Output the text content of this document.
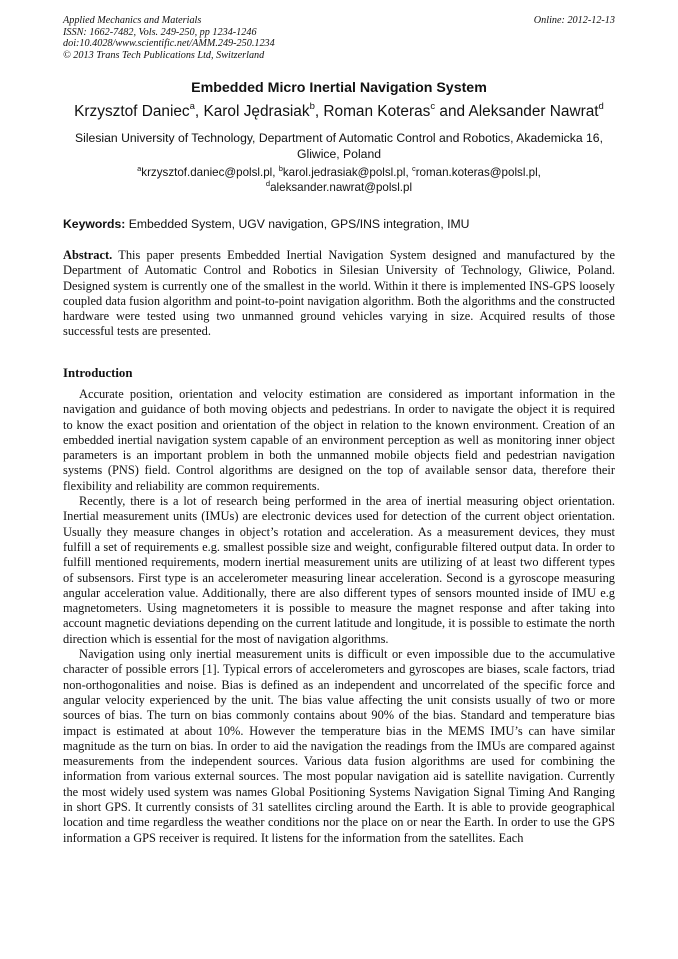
Applied Mechanics and Materials
ISSN: 1662-7482, Vols. 249-250, pp 1234-1246
doi:10.4028/www.scientific.net/AMM.249-250.1234
© 2013 Trans Tech Publications Ltd, Switzerland
Online: 2012-12-13
Embedded Micro Inertial Navigation System
Krzysztof Daniec$^a$, Karol Jędrasiak$^b$, Roman Koteras$^c$ and Aleksander Nawrat$^d$
Silesian University of Technology, Department of Automatic Control and Robotics, Akademicka 16, Gliwice, Poland
$^a$krzysztof.daniec@polsl.pl, $^b$karol.jedrasiak@polsl.pl, $^c$roman.koteras@polsl.pl,
$^d$aleksander.nawrat@polsl.pl
Keywords: Embedded System, UGV navigation, GPS/INS integration, IMU
Abstract. This paper presents Embedded Inertial Navigation System designed and manufactured by the Department of Automatic Control and Robotics in Silesian University of Technology, Gliwice, Poland. Designed system is currently one of the smallest in the world. Within it there is implemented INS-GPS loosely coupled data fusion algorithm and point-to-point navigation algorithm. Both the algorithms and the constructed hardware were tested using two unmanned ground vehicles varying in size. Acquired results of those successful tests are presented.
Introduction

Accurate position, orientation and velocity estimation are considered as important information in the navigation and guidance of both moving objects and pedestrians. In order to navigate the object it is required to know the exact position and orientation of the object in relation to the known environment. Creation of an embedded inertial navigation system capable of an environment perception as well as monitoring inner object parameters is an important problem in both the unmanned mobile objects field and pedestrian navigation systems (PNS) field. Control algorithms are designed on the top of available sensor data, therefore their flexibility and reliability are common requirements.

Recently, there is a lot of research being performed in the area of inertial measuring object orientation. Inertial measurement units (IMUs) are electronic devices used for detection of the current object orientation. Usually they measure changes in object’s rotation and acceleration. As a measurement devices, they must fulfill a set of requirements e.g. smallest possible size and weight, configurable filtered output data. In order to fulfill mentioned requirements, modern inertial measurement units are utilizing of at least two different types of subsensors. First type is an accelerometer measuring linear acceleration. Second is a gyroscope measuring angular acceleration value. Additionally, there are also different types of sensors mounted inside of IMU e.g magnetometers. Using magnetometers it is possible to measure the magnet response and after taking into account magnetic deviations depending on the current latitude and longitude, it is possible to estimate the north direction which is essential for the most of navigation algorithms.

Navigation using only inertial measurement units is difficult or even impossible due to the accumulative character of possible errors [1]. Typical errors of accelerometers and gyroscopes are biases, scale factors, triad non-orthogonalities and noise. Bias is defined as an independent and uncorrelated of the specific force and angular velocity experienced by the unit. The bias value affecting the unit consists usually of two or more sources of bias. The turn on bias commonly contains about 90% of the bias. Standard and temperature bias impact is estimated at about 10%. However the temperature bias in the MEMS IMU’s can have similar magnitude as the turn on bias. In order to aid the navigation the readings from the IMUs are compared against measurements from the independent sources. Various data fusion algorithms are used for combining the information from various external sources. The most popular navigation aid is satellite navigation. Currently the most widely used system was names Global Positioning Systems Navigation Signal Timing And Ranging in short GPS. It currently consists of 31 satellites circling around the Earth. It is able to provide geographical location and time regardless the weather conditions nor the place on or near the Earth. In order to use the GPS information a GPS receiver is required. It listens for the information from the satellites. Each
